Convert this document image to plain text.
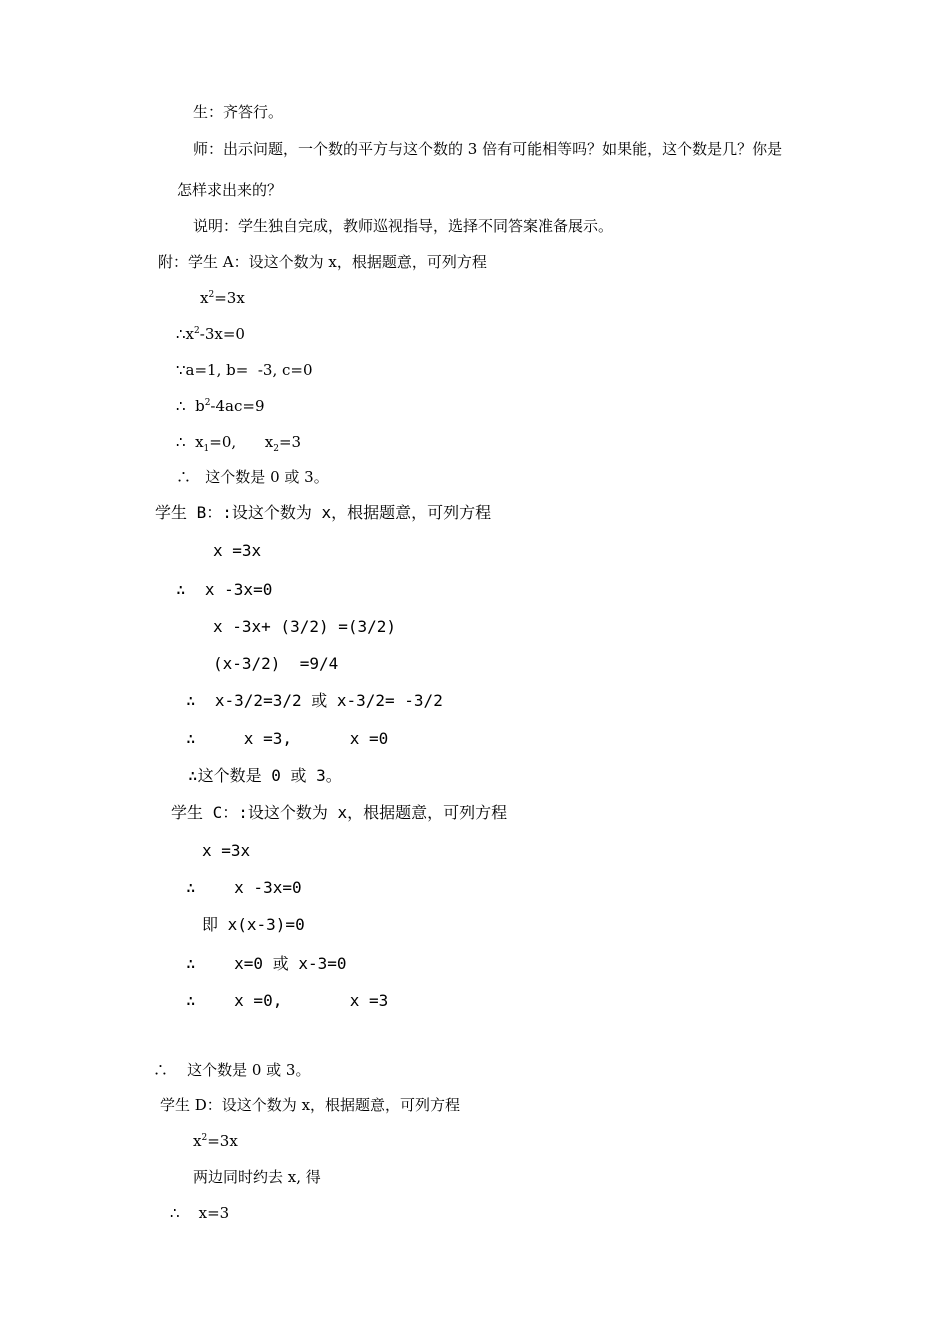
生：齐答行。
师：出示问题，一个数的平方与这个数的 3 倍有可能相等吗？如果能，这个数是几？你是
怎样求出来的？
说明：学生独自完成，教师巡视指导，选择不同答案准备展示。
附：学生 A：设这个数为 x，根据题意，可列方程
$x^2=3x$
$\therefore x^2-3x=0$
∵a=1, b=  -3, c=0
∴  $b^2-4ac=9$
∴  $x_1=0$,      $x_2=3$
∴   这个数是 0 或 3。
学生 B：:设这个数为 x，根据题意，可列方程
x =3x
∴  x -3x=0
x -3x+ (3/2) =(3/2)
(x-3/2)  =9/4
∴  x-3/2=3/2 或 x-3/2= -3/2
∴     x =3,      x =0
∴这个数是 0 或 3。
学生 C：:设这个数为 x，根据题意，可列方程
x =3x
∴    x -3x=0
即 x(x-3)=0
∴    x=0 或 x-3=0
∴    x =0,       x =3
∴    这个数是 0 或 3。
学生 D：设这个数为 x，根据题意，可列方程
$x^2=3x$
两边同时约去 x, 得
∴    x=3
